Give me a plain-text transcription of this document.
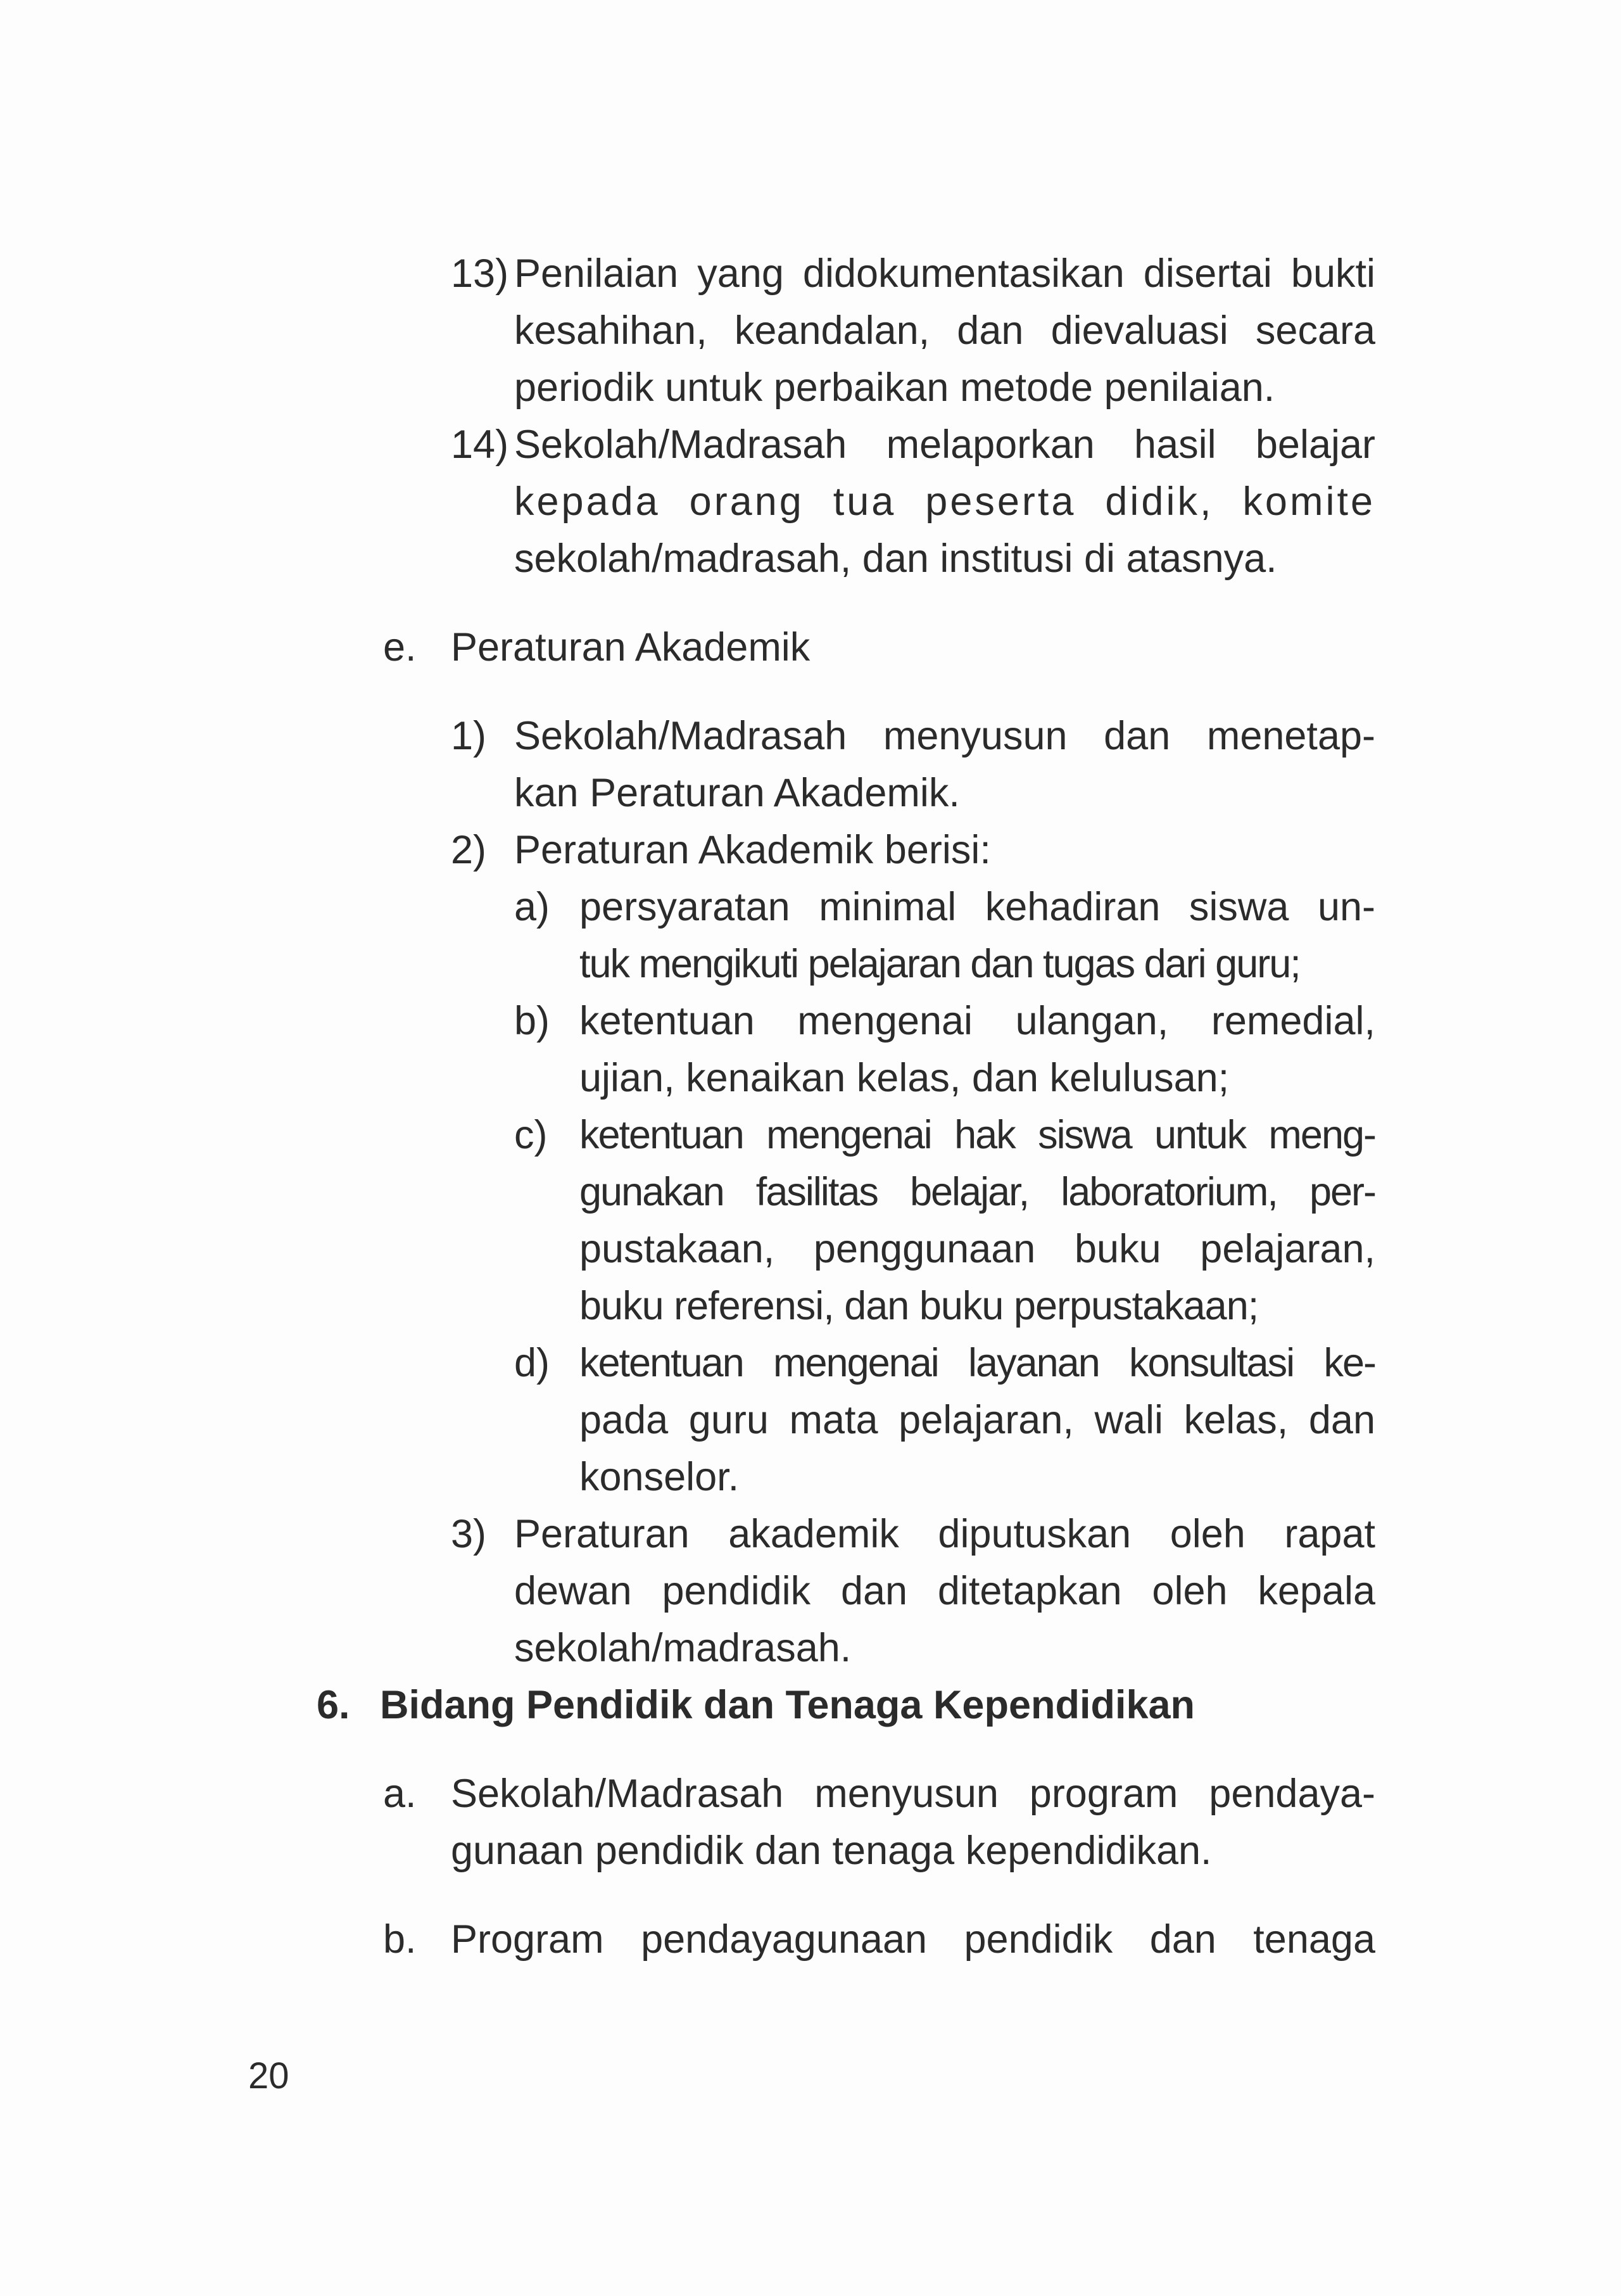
13) Penilaian yang didokumentasikan disertai bukti
kesahihan, keandalan, dan dievaluasi secara
periodik untuk perbaikan metode penilaian.
14) Sekolah/Madrasah melaporkan hasil belajar
kepada orang tua peserta didik, komite
sekolah/madrasah, dan institusi di atasnya.
e. Peraturan Akademik
1) Sekolah/Madrasah menyusun dan menetap-
kan Peraturan Akademik.
2) Peraturan Akademik berisi:
a) persyaratan minimal kehadiran siswa un-
tuk mengikuti pelajaran dan tugas dari guru;
b) ketentuan mengenai ulangan, remedial,
ujian, kenaikan kelas, dan kelulusan;
c) ketentuan mengenai hak siswa untuk meng-
gunakan fasilitas belajar, laboratorium, per-
pustakaan, penggunaan buku pelajaran,
buku referensi, dan buku perpustakaan;
d) ketentuan mengenai layanan konsultasi ke-
pada guru mata pelajaran, wali kelas, dan
konselor.
3) Peraturan akademik diputuskan oleh rapat
dewan pendidik dan ditetapkan oleh kepala
sekolah/madrasah.
6. Bidang Pendidik dan Tenaga Kependidikan
a. Sekolah/Madrasah menyusun program pendaya-
gunaan pendidik dan tenaga kependidikan.
b. Program pendayagunaan pendidik dan tenaga
20
